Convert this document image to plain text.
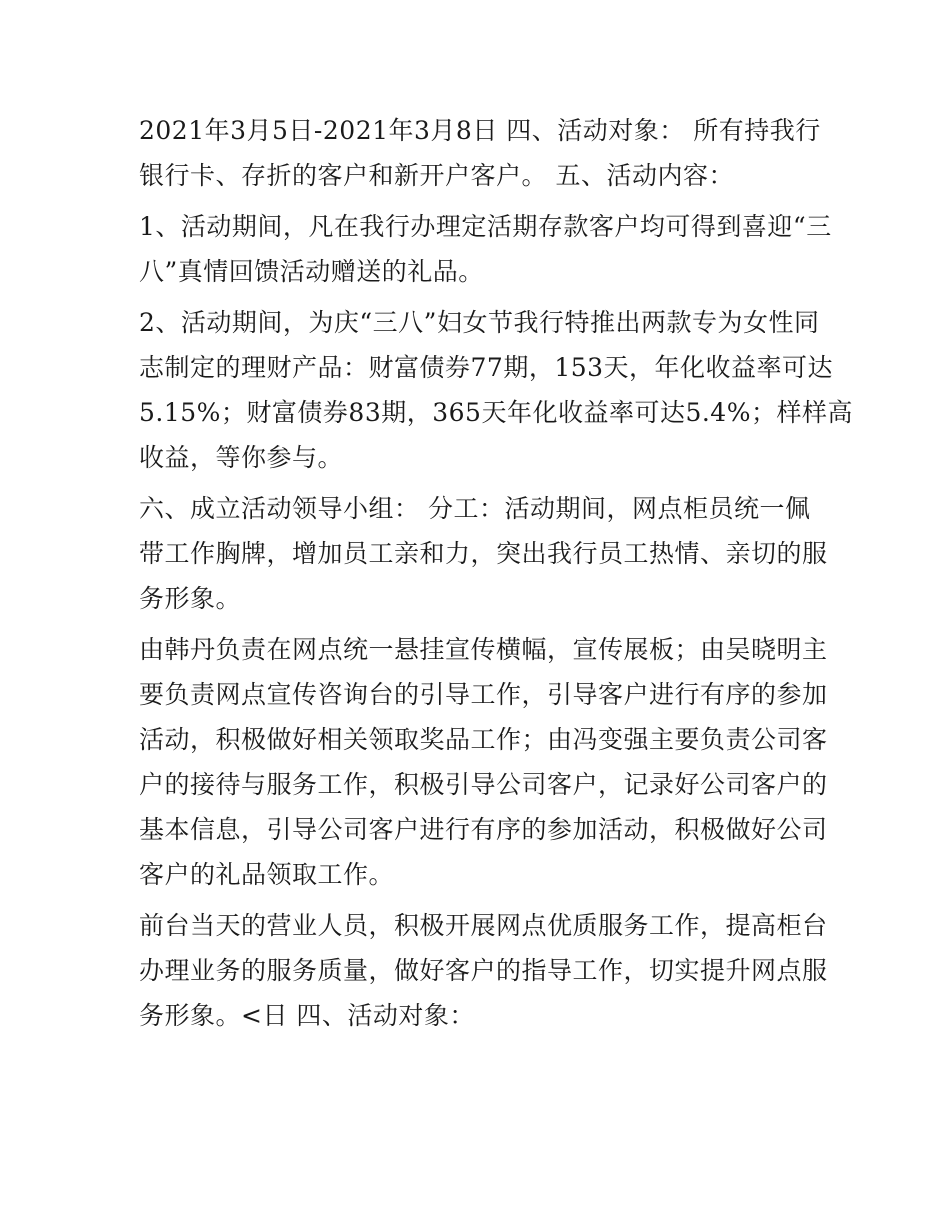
2021年3月5日-2021年3月8日 四、活动对象： 所有持我行
银行卡、存折的客户和新开户客户。 五、活动内容：
1、活动期间，凡在我行办理定活期存款客户均可得到喜迎“三
八”真情回馈活动赠送的礼品。
2、活动期间，为庆“三八”妇女节我行特推出两款专为女性同
志制定的理财产品：财富债券77期，153天，年化收益率可达
5.15%；财富债券83期，365天年化收益率可达5.4%；样样高
收益，等你参与。
六、成立活动领导小组： 分工：活动期间，网点柜员统一佩
带工作胸牌，增加员工亲和力，突出我行员工热情、亲切的服
务形象。
由韩丹负责在网点统一悬挂宣传横幅，宣传展板；由吴晓明主
要负责网点宣传咨询台的引导工作，引导客户进行有序的参加
活动，积极做好相关领取奖品工作；由冯变强主要负责公司客
户的接待与服务工作，积极引导公司客户，记录好公司客户的
基本信息，引导公司客户进行有序的参加活动，积极做好公司
客户的礼品领取工作。
前台当天的营业人员，积极开展网点优质服务工作，提高柜台
办理业务的服务质量，做好客户的指导工作，切实提升网点服
务形象。<日 四、活动对象：
